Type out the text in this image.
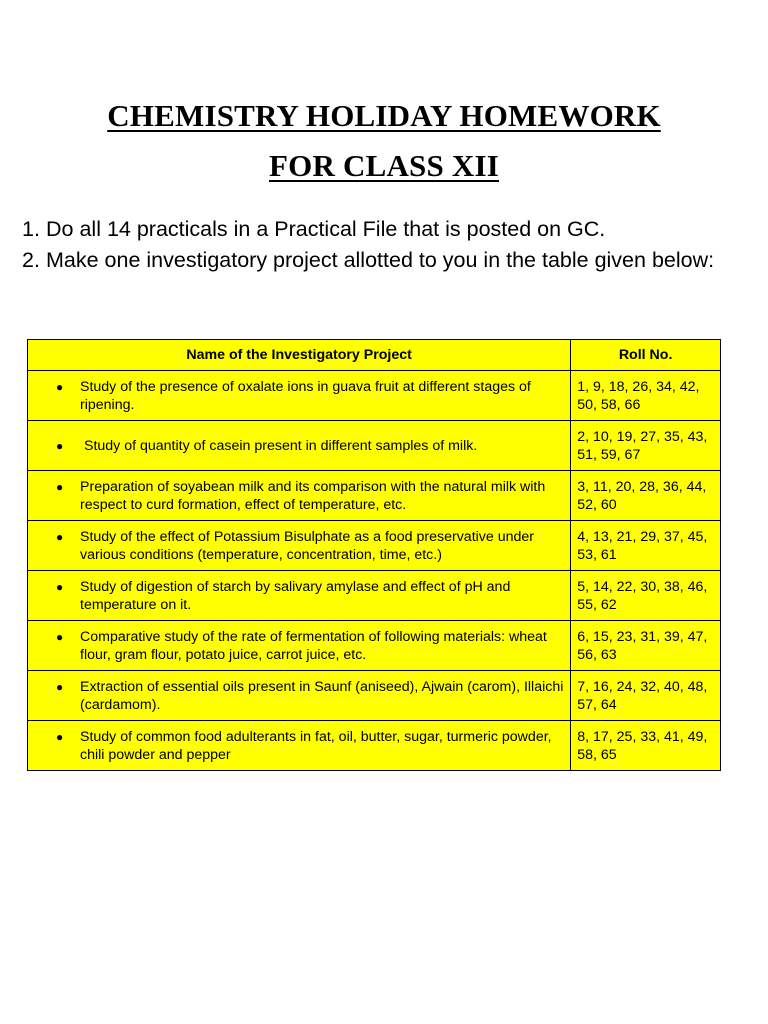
CHEMISTRY HOLIDAY HOMEWORK
FOR CLASS XII
1. Do all 14 practicals in a Practical File that is posted on GC.
2. Make one investigatory project allotted to you in the table given below:
Name of the Investigatory Project	Roll No.

● Study of the presence of oxalate ions in guava fruit at different stages of ripening.	1, 9, 18, 26, 34, 42, 50, 58, 66

● Study of quantity of casein present in different samples of milk.	2, 10, 19, 27, 35, 43, 51, 59, 67

● Preparation of soyabean milk and its comparison with the natural milk with respect to curd formation, effect of temperature, etc.	3, 11, 20, 28, 36, 44, 52, 60

● Study of the effect of Potassium Bisulphate as a food preservative under various conditions (temperature, concentration, time, etc.)	4, 13, 21, 29, 37, 45, 53, 61

● Study of digestion of starch by salivary amylase and effect of pH and temperature on it.	5, 14, 22, 30, 38, 46, 55, 62

● Comparative study of the rate of fermentation of following materials: wheat flour, gram flour, potato juice, carrot juice, etc.	6, 15, 23, 31, 39, 47, 56, 63

● Extraction of essential oils present in Saunf (aniseed), Ajwain (carom), Illaichi (cardamom).	7, 16, 24, 32, 40, 48, 57, 64

● Study of common food adulterants in fat, oil, butter, sugar, turmeric powder, chili powder and pepper	8, 17, 25, 33, 41, 49, 58, 65
